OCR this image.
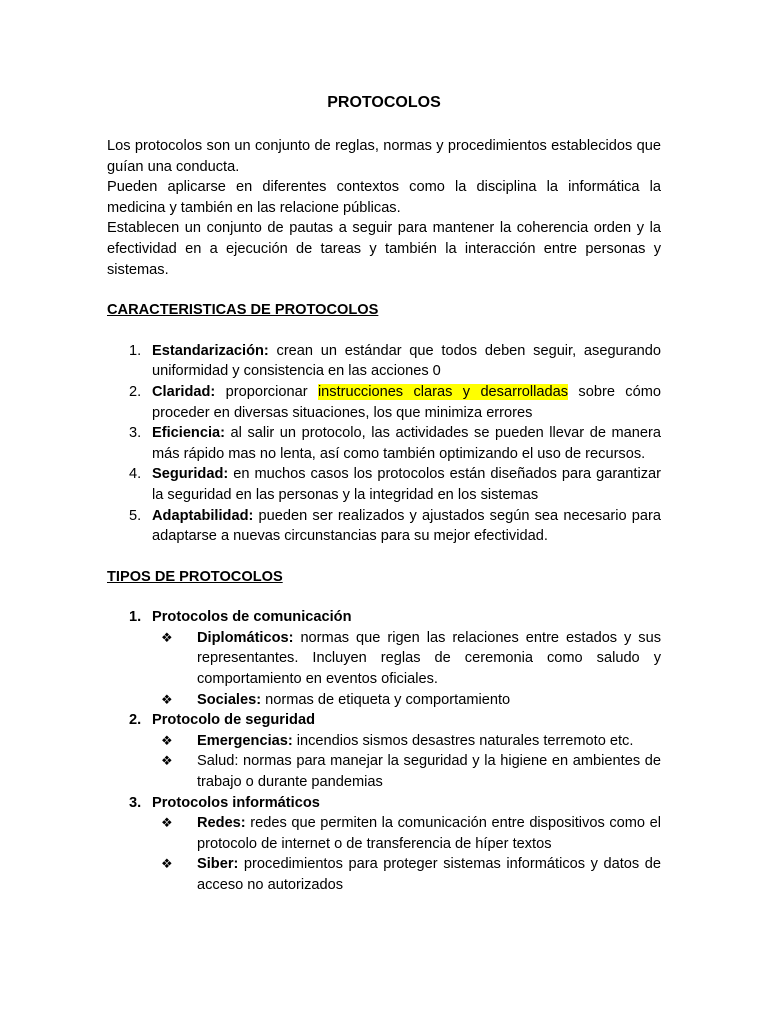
PROTOCOLOS

Los protocolos son un conjunto de reglas, normas y procedimientos establecidos que guían una conducta.

Pueden aplicarse en diferentes contextos como la disciplina la informática la medicina y también en las relacione públicas.

Establecen un conjunto de pautas a seguir para mantener la coherencia orden y la efectividad en a ejecución de tareas y también la interacción entre personas y sistemas.

CARACTERISTICAS DE PROTOCOLOS
1. Estandarización: crean un estándar que todos deben seguir, asegurando uniformidad y consistencia en las acciones 0
2. Claridad: proporcionar instrucciones claras y desarrolladas sobre cómo proceder en diversas situaciones, los que minimiza errores
3. Eficiencia: al salir un protocolo, las actividades se pueden llevar de manera más rápido mas no lenta, así como también optimizando el uso de recursos.
4. Seguridad: en muchos casos los protocolos están diseñados para garantizar la seguridad en las personas y la integridad en los sistemas
5. Adaptabilidad: pueden ser realizados y ajustados según sea necesario para adaptarse a nuevas circunstancias para su mejor efectividad.
TIPOS DE PROTOCOLOS
1. Protocolos de comunicación
❖ Diplomáticos: normas que rigen las relaciones entre estados y sus representantes. Incluyen reglas de ceremonia como saludo y comportamiento en eventos oficiales.
❖ Sociales: normas de etiqueta y comportamiento
2. Protocolo de seguridad
❖ Emergencias: incendios sismos desastres naturales terremoto etc.
❖ Salud: normas para manejar la seguridad y la higiene en ambientes de trabajo o durante pandemias
3. Protocolos informáticos
❖ Redes: redes que permiten la comunicación entre dispositivos como el protocolo de internet o de transferencia de híper textos
❖ Siber: procedimientos para proteger sistemas informáticos y datos de acceso no autorizados
